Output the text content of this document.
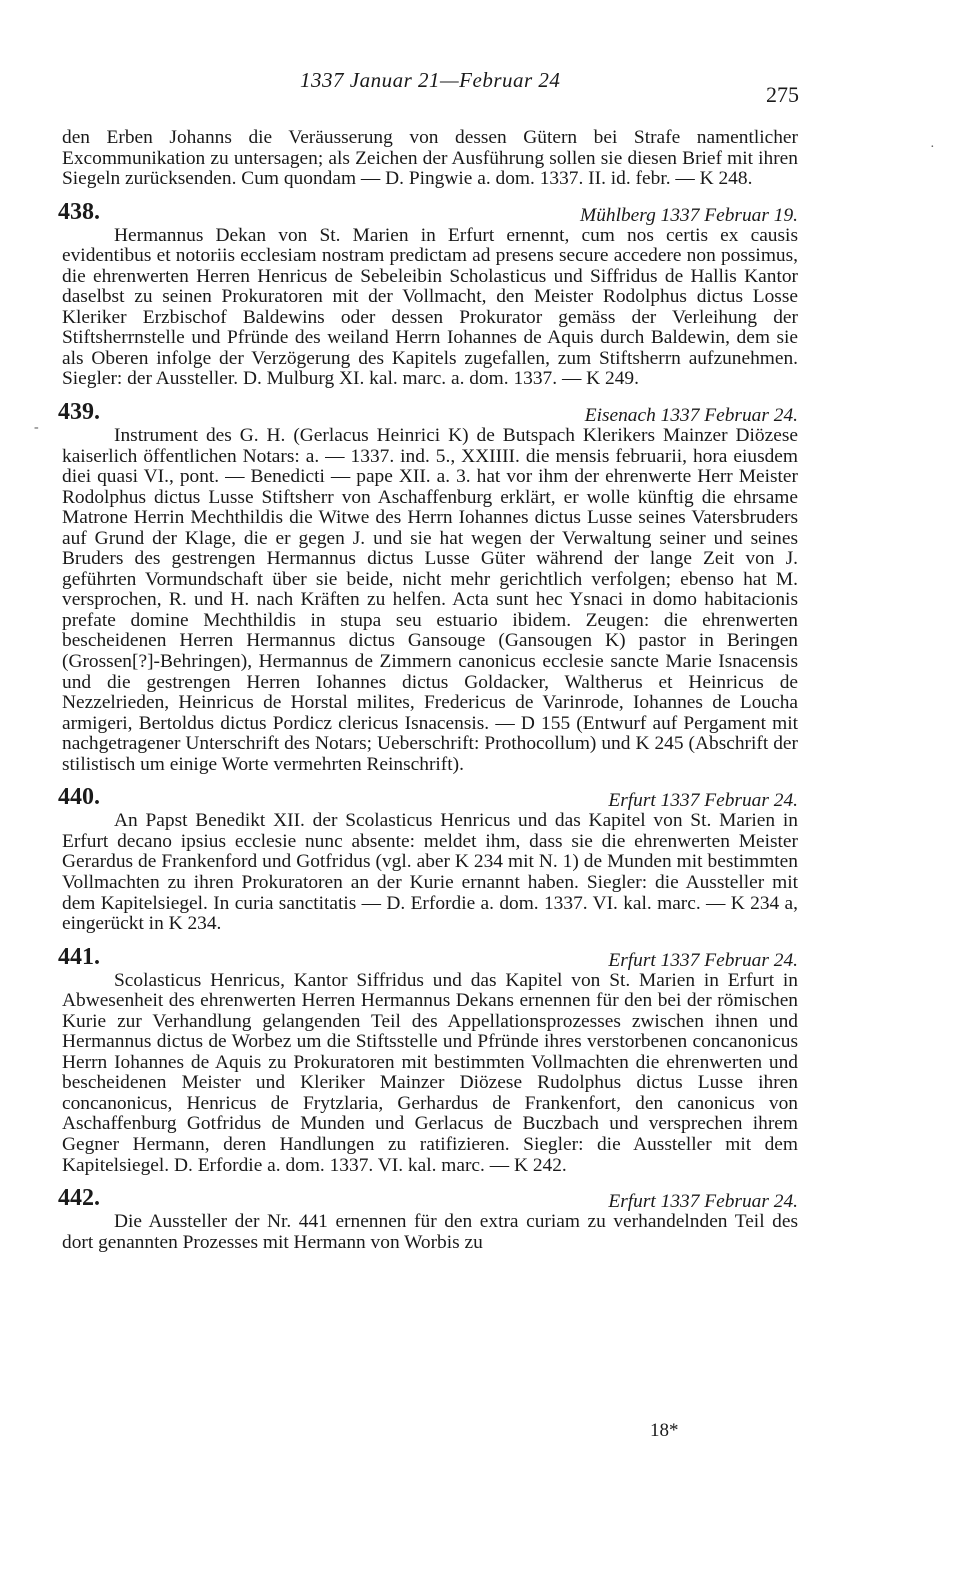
1337 Januar 21—Februar 24
275
-
·

den Erben Johanns die Veräusserung von dessen Gütern bei Strafe namentlicher Excommunikation zu untersagen; als Zeichen der Ausführung sollen sie diesen Brief mit ihren Siegeln zurücksenden. Cum quondam — D. Pingwie a. dom. 1337. II. id. febr. — K 248.

438.	Mühlberg 1337 Februar 19.

Hermannus Dekan von St. Marien in Erfurt ernennt, cum nos certis ex causis evidentibus et notoriis ecclesiam nostram predictam ad presens secure accedere non possimus, die ehrenwerten Herren Henricus de Sebeleibin Scholasticus und Siffridus de Hallis Kantor daselbst zu seinen Prokuratoren mit der Vollmacht, den Meister Rodolphus dictus Losse Kleriker Erzbischof Baldewins oder dessen Prokurator gemäss der Verleihung der Stiftsherrnstelle und Pfründe des weiland Herrn Iohannes de Aquis durch Baldewin, dem sie als Oberen infolge der Verzögerung des Kapitels zugefallen, zum Stiftsherrn aufzunehmen. Siegler: der Aussteller. D. Mulburg XI. kal. marc. a. dom. 1337. — K 249.

439.	Eisenach 1337 Februar 24.

Instrument des G. H. (Gerlacus Heinrici K) de Butspach Klerikers Mainzer Diözese kaiserlich öffentlichen Notars: a. — 1337. ind. 5., XXIIII. die mensis februarii, hora eiusdem diei quasi VI., pont. — Benedicti — pape XII. a. 3. hat vor ihm der ehrenwerte Herr Meister Rodolphus dictus Lusse Stiftsherr von Aschaffenburg erklärt, er wolle künftig die ehrsame Matrone Herrin Mechthildis die Witwe des Herrn Iohannes dictus Lusse seines Vatersbruders auf Grund der Klage, die er gegen J. und sie hat wegen der Verwaltung seiner und seines Bruders des gestrengen Hermannus dictus Lusse Güter während der lange Zeit von J. geführten Vormundschaft über sie beide, nicht mehr gerichtlich verfolgen; ebenso hat M. versprochen, R. und H. nach Kräften zu helfen. Acta sunt hec Ysnaci in domo habitacionis prefate domine Mechthildis in stupa seu estuario ibidem. Zeugen: die ehrenwerten bescheidenen Herren Hermannus dictus Gansouge (Gansougen K) pastor in Beringen (Grossen[?]-Behringen), Hermannus de Zimmern canonicus ecclesie sancte Marie Isnacensis und die gestrengen Herren Iohannes dictus Goldacker, Waltherus et Heinricus de Nezzelrieden, Heinricus de Horstal milites, Fredericus de Varinrode, Iohannes de Loucha armigeri, Bertoldus dictus Pordicz clericus Isnacensis. — D 155 (Entwurf auf Pergament mit nachgetragener Unterschrift des Notars; Ueberschrift: Prothocollum) und K 245 (Abschrift der stilistisch um einige Worte vermehrten Reinschrift).

440.	Erfurt 1337 Februar 24.

An Papst Benedikt XII. der Scolasticus Henricus und das Kapitel von St. Marien in Erfurt decano ipsius ecclesie nunc absente: meldet ihm, dass sie die ehrenwerten Meister Gerardus de Frankenford und Gotfridus (vgl. aber K 234 mit N. 1) de Munden mit bestimmten Vollmachten zu ihren Prokuratoren an der Kurie ernannt haben. Siegler: die Aussteller mit dem Kapitelsiegel. In curia sanctitatis — D. Erfordie a. dom. 1337. VI. kal. marc. — K 234 a, eingerückt in K 234.

441.	Erfurt 1337 Februar 24.

Scolasticus Henricus, Kantor Siffridus und das Kapitel von St. Marien in Erfurt in Abwesenheit des ehrenwerten Herren Hermannus Dekans ernennen für den bei der römischen Kurie zur Verhandlung gelangenden Teil des Appellationsprozesses zwischen ihnen und Hermannus dictus de Worbez um die Stiftsstelle und Pfründe ihres verstorbenen concanonicus Herrn Iohannes de Aquis zu Prokuratoren mit bestimmten Vollmachten die ehrenwerten und bescheidenen Meister und Kleriker Mainzer Diözese Rudolphus dictus Lusse ihren concanonicus, Henricus de Frytzlaria, Gerhardus de Frankenfort, den canonicus von Aschaffenburg Gotfridus de Munden und Gerlacus de Buczbach und versprechen ihrem Gegner Hermann, deren Handlungen zu ratifizieren. Siegler: die Aussteller mit dem Kapitelsiegel. D. Erfordie a. dom. 1337. VI. kal. marc. — K 242.

442.	Erfurt 1337 Februar 24.

Die Aussteller der Nr. 441 ernennen für den extra curiam zu verhandelnden Teil des dort genannten Prozesses mit Hermann von Worbis zu

18*
